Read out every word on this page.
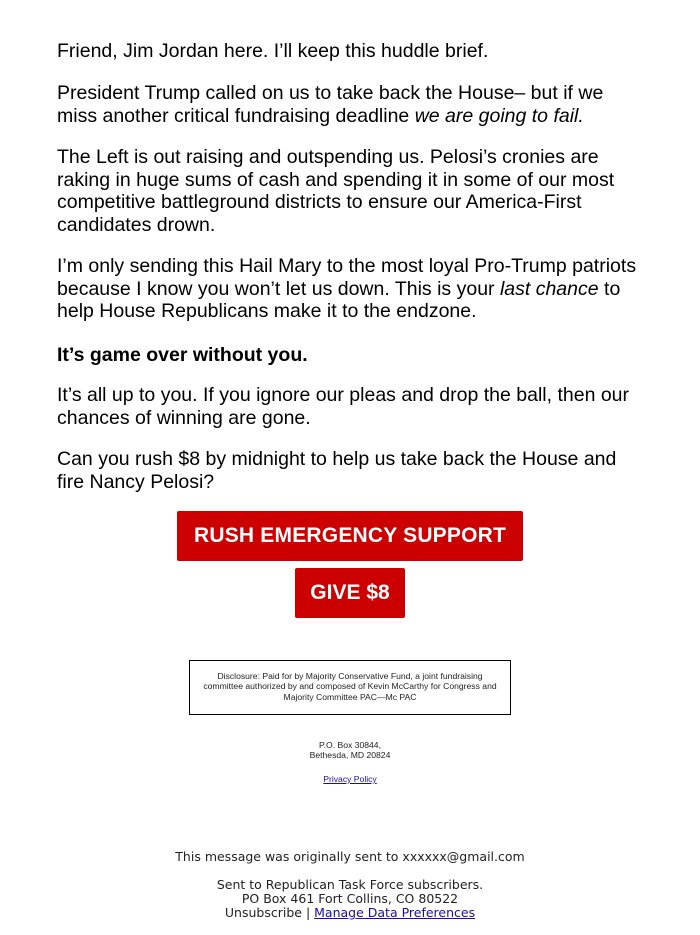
Friend, Jim Jordan here. I’ll keep this huddle brief.

President Trump called on us to take back the House– but if we miss another critical fundraising deadline we are going to fail.

The Left is out raising and outspending us. Pelosi’s cronies are raking in huge sums of cash and spending it in some of our most competitive battleground districts to ensure our America-First candidates drown.

I’m only sending this Hail Mary to the most loyal Pro-Trump patriots because I know you won’t let us down. This is your last chance to help House Republicans make it to the endzone.

It’s game over without you.

It’s all up to you. If you ignore our pleas and drop the ball, then our chances of winning are gone.

Can you rush $8 by midnight to help us take back the House and fire Nancy Pelosi?

RUSH EMERGENCY SUPPORT
GIVE $8
Disclosure: Paid for by Majority Conservative Fund, a joint fundraising committee authorized by and composed of Kevin McCarthy for Congress and Majority Committee PAC—Mc PAC
P.O. Box 30844,
Bethesda, MD 20824
Privacy Policy
This message was originally sent to xxxxxx@gmail.com
Sent to Republican Task Force subscribers.
PO Box 461 Fort Collins, CO 80522
Unsubscribe | Manage Data Preferences
